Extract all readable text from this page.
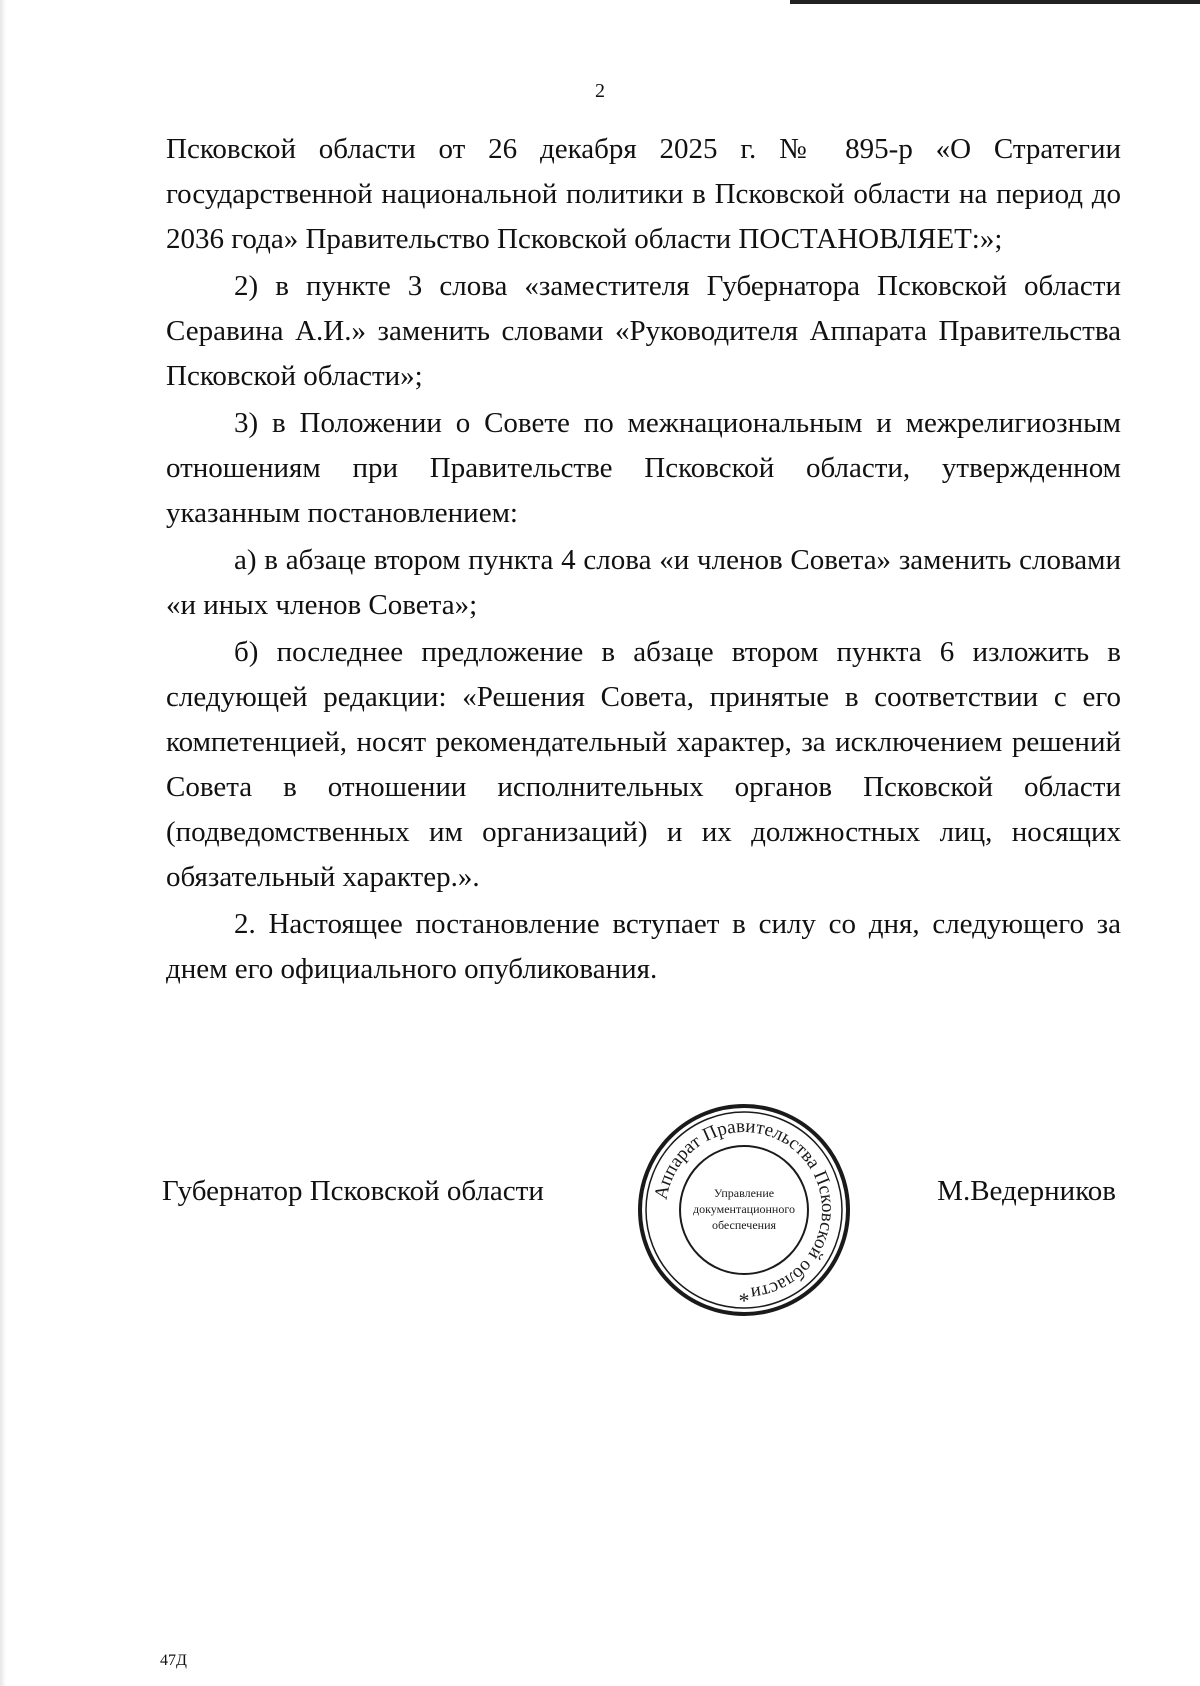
2

Псковской области от 26 декабря 2025 г. № 895-р «О Стратегии государственной национальной политики в Псковской области на период до 2036 года» Правительство Псковской области ПОСТАНОВЛЯЕТ:»;

2) в пункте 3 слова «заместителя Губернатора Псковской области Серавина А.И.» заменить словами «Руководителя Аппарата Правительства Псковской области»;

3) в Положении о Совете по межнациональным и межрелигиозным отношениям при Правительстве Псковской области, утвержденном указанным постановлением:

а) в абзаце втором пункта 4 слова «и членов Совета» заменить словами «и иных членов Совета»;

б) последнее предложение в абзаце втором пункта 6 изложить в следующей редакции: «Решения Совета, принятые в соответствии с его компетенцией, носят рекомендательный характер, за исключением решений Совета в отношении исполнительных органов Псковской области (подведомственных им организаций) и их должностных лиц, носящих обязательный характер.».

2. Настоящее постановление вступает в силу со дня, следующего за днем его официального опубликования.

Губернатор Псковской области	М.Ведерников
Аппарат Правительства Псковской области
Управление
документационного
обеспечения
*
47Д
